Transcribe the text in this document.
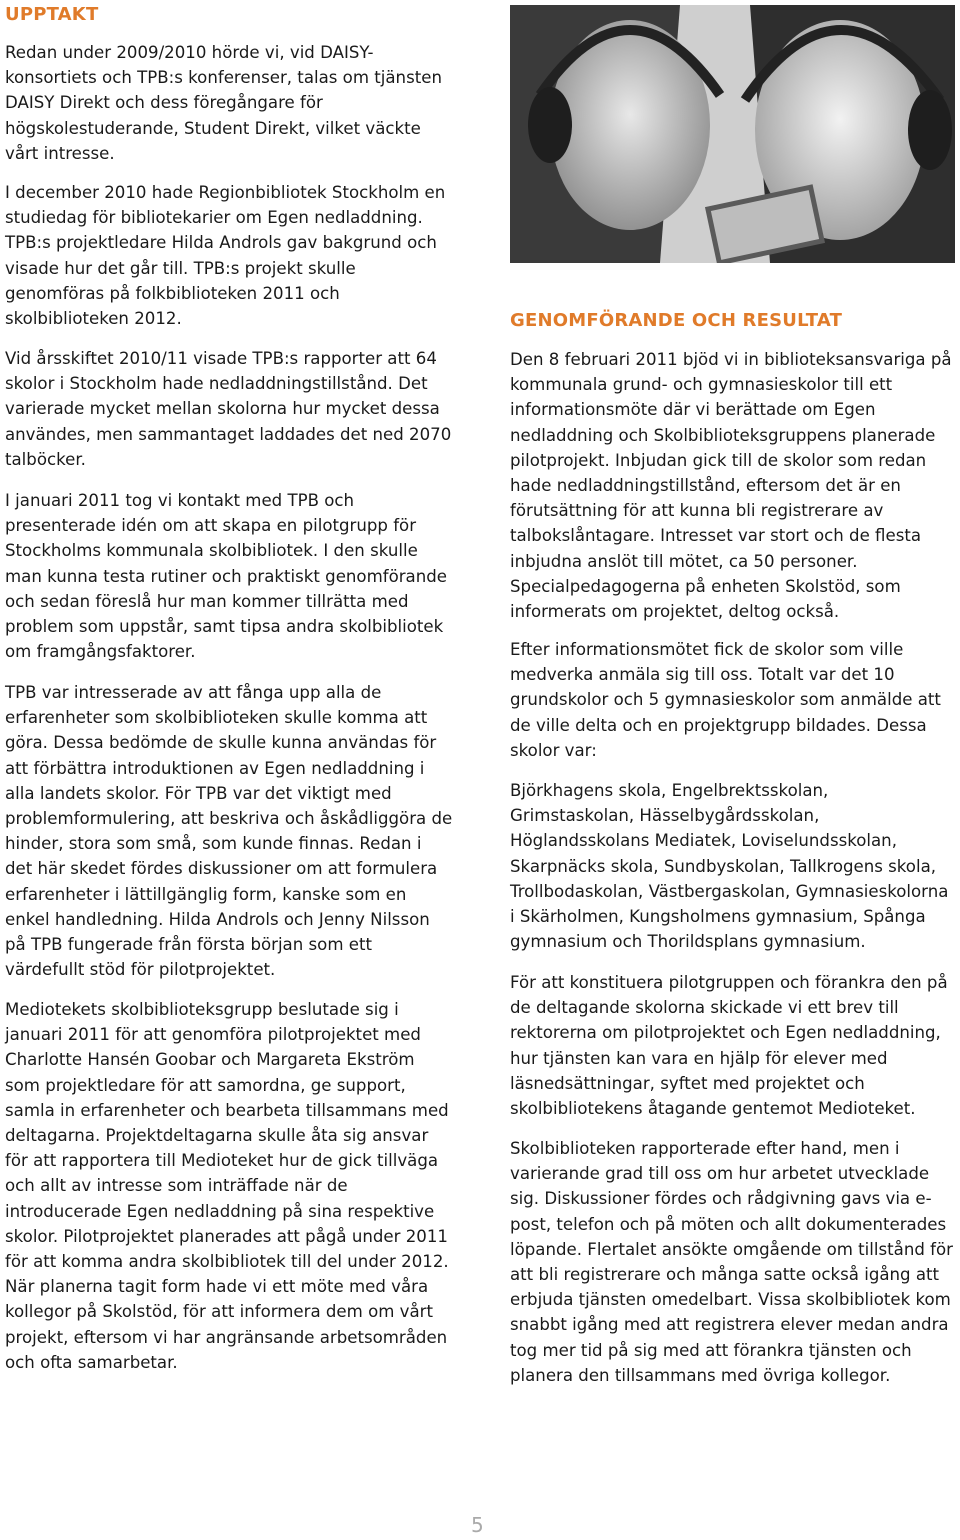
UPPTAKT

Redan under 2009/2010 hörde vi, vid DAISY-konsortiets och TPB:s konferenser, talas om tjänsten DAISY Direkt och dess föregångare för högskolestuderande, Student Direkt, vilket väckte vårt intresse.

I december 2010 hade Regionbibliotek Stockholm en studiedag för bibliotekarier om Egen nedladdning. TPB:s projektledare Hilda Androls gav bakgrund och visade hur det går till. TPB:s projekt skulle genomföras på folkbiblioteken 2011 och skolbiblioteken 2012.

Vid årsskiftet 2010/11 visade TPB:s rapporter att 64 skolor i Stockholm hade nedladdningstillstånd. Det varierade mycket mellan skolorna hur mycket dessa användes, men sammantaget laddades det ned 2070 talböcker.

I januari 2011 tog vi kontakt med TPB och presenterade idén om att skapa en pilotgrupp för Stockholms kommunala skolbibliotek. I den skulle man kunna testa rutiner och praktiskt genomförande och sedan föreslå hur man kommer tillrätta med problem som uppstår, samt tipsa andra skolbibliotek om framgångsfaktorer.

TPB var intresserade av att fånga upp alla de erfarenheter som skolbiblioteken skulle komma att göra. Dessa bedömde de skulle kunna användas för att förbättra introduktionen av Egen nedladdning i alla landets skolor. För TPB var det viktigt med problemformulering, att beskriva och åskådliggöra de hinder, stora som små, som kunde finnas. Redan i det här skedet fördes diskussioner om att formulera erfarenheter i lättillgänglig form, kanske som en enkel handledning. Hilda Androls och Jenny Nilsson på TPB fungerade från första början som ett värdefullt stöd för pilotprojektet.

Mediotekets skolbiblioteksgrupp beslutade sig i januari 2011 för att genomföra pilotprojektet med Charlotte Hansén Goobar och Margareta Ekström som projektledare för att samordna, ge support, samla in erfarenheter och bearbeta tillsammans med deltagarna. Projektdeltagarna skulle åta sig ansvar för att rapportera till Medioteket hur de gick tillväga och allt av intresse som inträffade när de introducerade Egen nedladdning på sina respektive skolor. Pilotprojektet planerades att pågå under 2011 för att komma andra skolbibliotek till del under 2012. När planerna tagit form hade vi ett möte med våra kollegor på Skolstöd, för att informera dem om vårt projekt, eftersom vi har angränsande arbetsområden och ofta samarbetar.

GENOMFÖRANDE OCH RESULTAT

Den 8 februari 2011 bjöd vi in biblioteksansvariga på kommunala grund- och gymnasieskolor till ett informationsmöte där vi berättade om Egen nedladdning och Skolbiblioteksgruppens planerade pilotprojekt. Inbjudan gick till de skolor som redan hade nedladdningstillstånd, eftersom det är en förutsättning för att kunna bli registrerare av talbokslåntagare. Intresset var stort och de flesta inbjudna anslöt till mötet, ca 50 personer. Specialpedagogerna på enheten Skolstöd, som informerats om projektet, deltog också.

Efter informationsmötet fick de skolor som ville medverka anmäla sig till oss. Totalt var det 10 grundskolor och 5 gymnasieskolor som anmälde att de ville delta och en projektgrupp bildades. Dessa skolor var:

Björkhagens skola, Engelbrektsskolan, Grimstaskolan, Hässelbygårdsskolan, Höglandsskolans Mediatek, Loviselundsskolan, Skarpnäcks skola, Sundbyskolan, Tallkrogens skola, Trollbodaskolan, Västbergaskolan, Gymnasieskolorna i Skärholmen, Kungsholmens gymnasium, Spånga gymnasium och Thorildsplans gymnasium.

För att konstituera pilotgruppen och förankra den på de deltagande skolorna skickade vi ett brev till rektorerna om pilotprojektet och Egen nedladdning, hur tjänsten kan vara en hjälp för elever med läsnedsättningar, syftet med projektet och skolbibliotekens åtagande gentemot Medioteket.

Skolbiblioteken rapporterade efter hand, men i varierande grad till oss om hur arbetet utvecklade sig. Diskussioner fördes och rådgivning gavs via e-post, telefon och på möten och allt dokumenterades löpande. Flertalet ansökte omgående om tillstånd för att bli registrerare och många satte också igång att erbjuda tjänsten omedelbart. Vissa skolbibliotek kom snabbt igång med att registrera elever medan andra tog mer tid på sig med att förankra tjänsten och planera den tillsammans med övriga kollegor.

5
